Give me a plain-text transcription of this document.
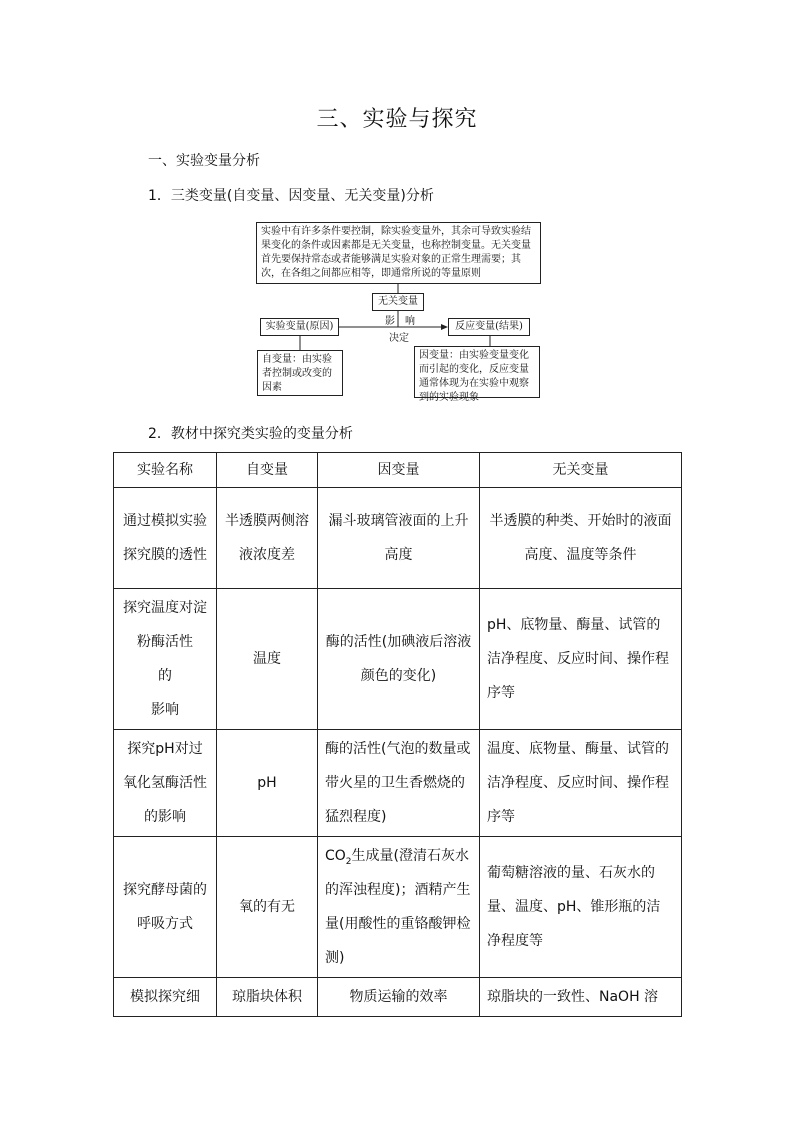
三、实验与探究
一、实验变量分析
1．三类变量(自变量、因变量、无关变量)分析
实验中有许多条件要控制，除实验变量外，其余可导致实验结果变化的条件或因素都是无关变量，也称控制变量。无关变量首先要保持常态或者能够满足实验对象的正常生理需要；其次，在各组之间都应相等，即通常所说的等量原则
无关变量
影　响
决定
实验变量(原因)	反应变量(结果)
自变量：由实验者控制或改变的因素
因变量：由实验变量变化而引起的变化，反应变量通常体现为在实验中观察到的实验现象
2．教材中探究类实验的变量分析
实验名称	自变量	因变量	无关变量
通过模拟实验探究膜的透性	半透膜两侧溶液浓度差	漏斗玻璃管液面的上升高度	半透膜的种类、开始时的液面高度、温度等条件

探究温度对淀粉酶活性
的
影响	温度	酶的活性(加碘液后溶液颜色的变化)	pH、底物量、酶量、试管的洁净程度、反应时间、操作程序等
探究pH对过氧化氢酶活性的影响	pH	酶的活性(气泡的数量或带火星的卫生香燃烧的猛烈程度)	温度、底物量、酶量、试管的洁净程度、反应时间、操作程序等
探究酵母菌的呼吸方式	氧的有无	$CO_2$生成量(澄清石灰水的浑浊程度)；酒精产生量(用酸性的重铬酸钾检测)	葡萄糖溶液的量、石灰水的量、温度、pH、锥形瓶的洁净程度等
模拟探究细	琼脂块体积	物质运输的效率	琼脂块的一致性、NaOH 溶
